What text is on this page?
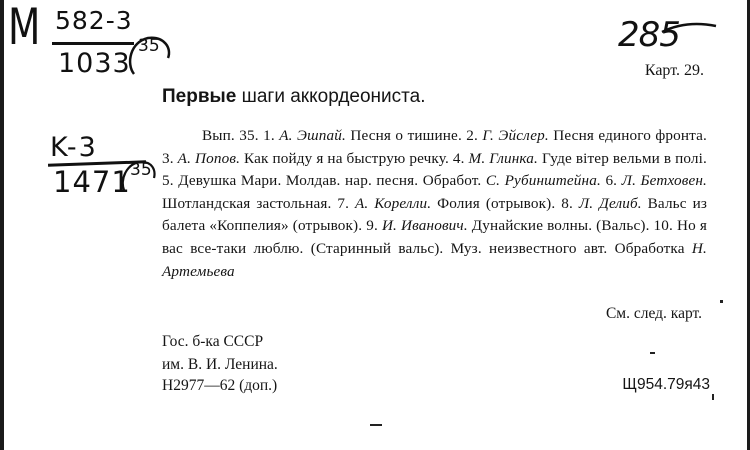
M 582-3
1033
35	285
Карт. 29.
Первые шаги аккордеониста.
K-3
1471 35
Вып. 35. 1. А. Эшпай. Песня о тишине. 2. Г. Эйслер. Песня единого фронта. 3. А. Попов. Как пойду я на быструю речку. 4. М. Глинка. Гуде вітер вельми в полі. 5. Девушка Мари. Молдав. нар. песня. Обработ. С. Рубинштейна. 6. Л. Бетховен. Шотландская застольная. 7. А. Корелли. Фолия (отрывок). 8. Л. Делиб. Вальс из балета «Коппелия» (отрывок). 9. И. Иванович. Дунайские волны. (Вальс). 10. Но я вас все-таки люблю. (Старинный вальс). Муз. неизвестного авт. Обработка Н. Артемьева
См. след. карт.
Гос. б-ка СССР
им. В. И. Ленина.
Н2977—62 (доп.)	Щ954.79я43
